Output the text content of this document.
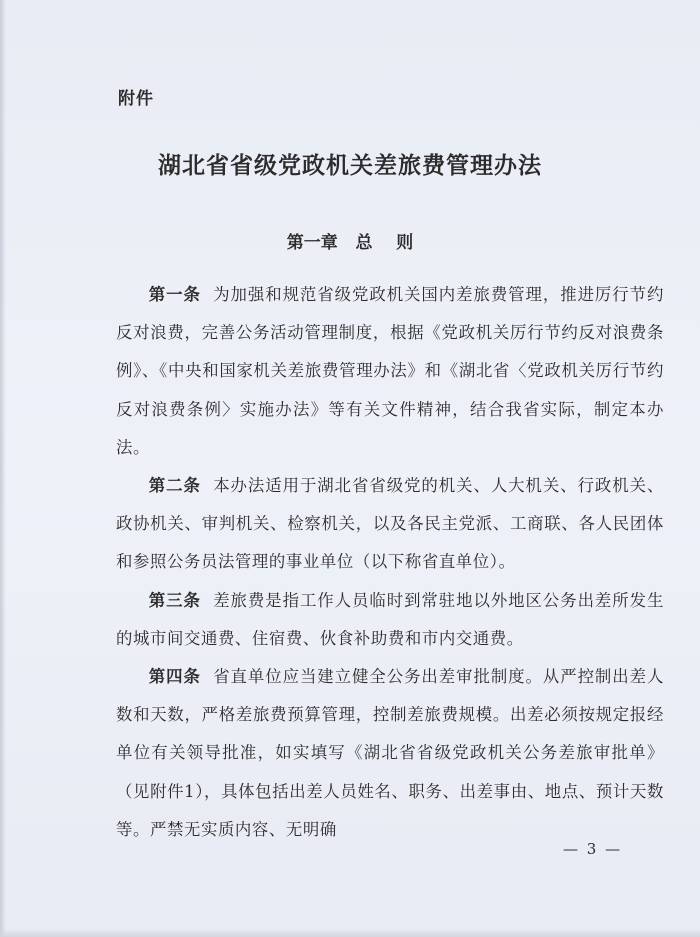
附件
湖北省省级党政机关差旅费管理办法
第一章   总    则

第一条 为加强和规范省级党政机关国内差旅费管理，推进厉行节约反对浪费，完善公务活动管理制度，根据《党政机关厉行节约反对浪费条例》、《中央和国家机关差旅费管理办法》和《湖北省〈党政机关厉行节约反对浪费条例〉实施办法》等有关文件精神，结合我省实际，制定本办法。

第二条 本办法适用于湖北省省级党的机关、人大机关、行政机关、政协机关、审判机关、检察机关，以及各民主党派、工商联、各人民团体和参照公务员法管理的事业单位（以下称省直单位）。

第三条 差旅费是指工作人员临时到常驻地以外地区公务出差所发生的城市间交通费、住宿费、伙食补助费和市内交通费。

第四条 省直单位应当建立健全公务出差审批制度。从严控制出差人数和天数，严格差旅费预算管理，控制差旅费规模。出差必须按规定报经单位有关领导批准，如实填写《湖北省省级党政机关公务差旅审批单》（见附件1），具体包括出差人员姓名、职务、出差事由、地点、预计天数等。严禁无实质内容、无明确

— 3 —
